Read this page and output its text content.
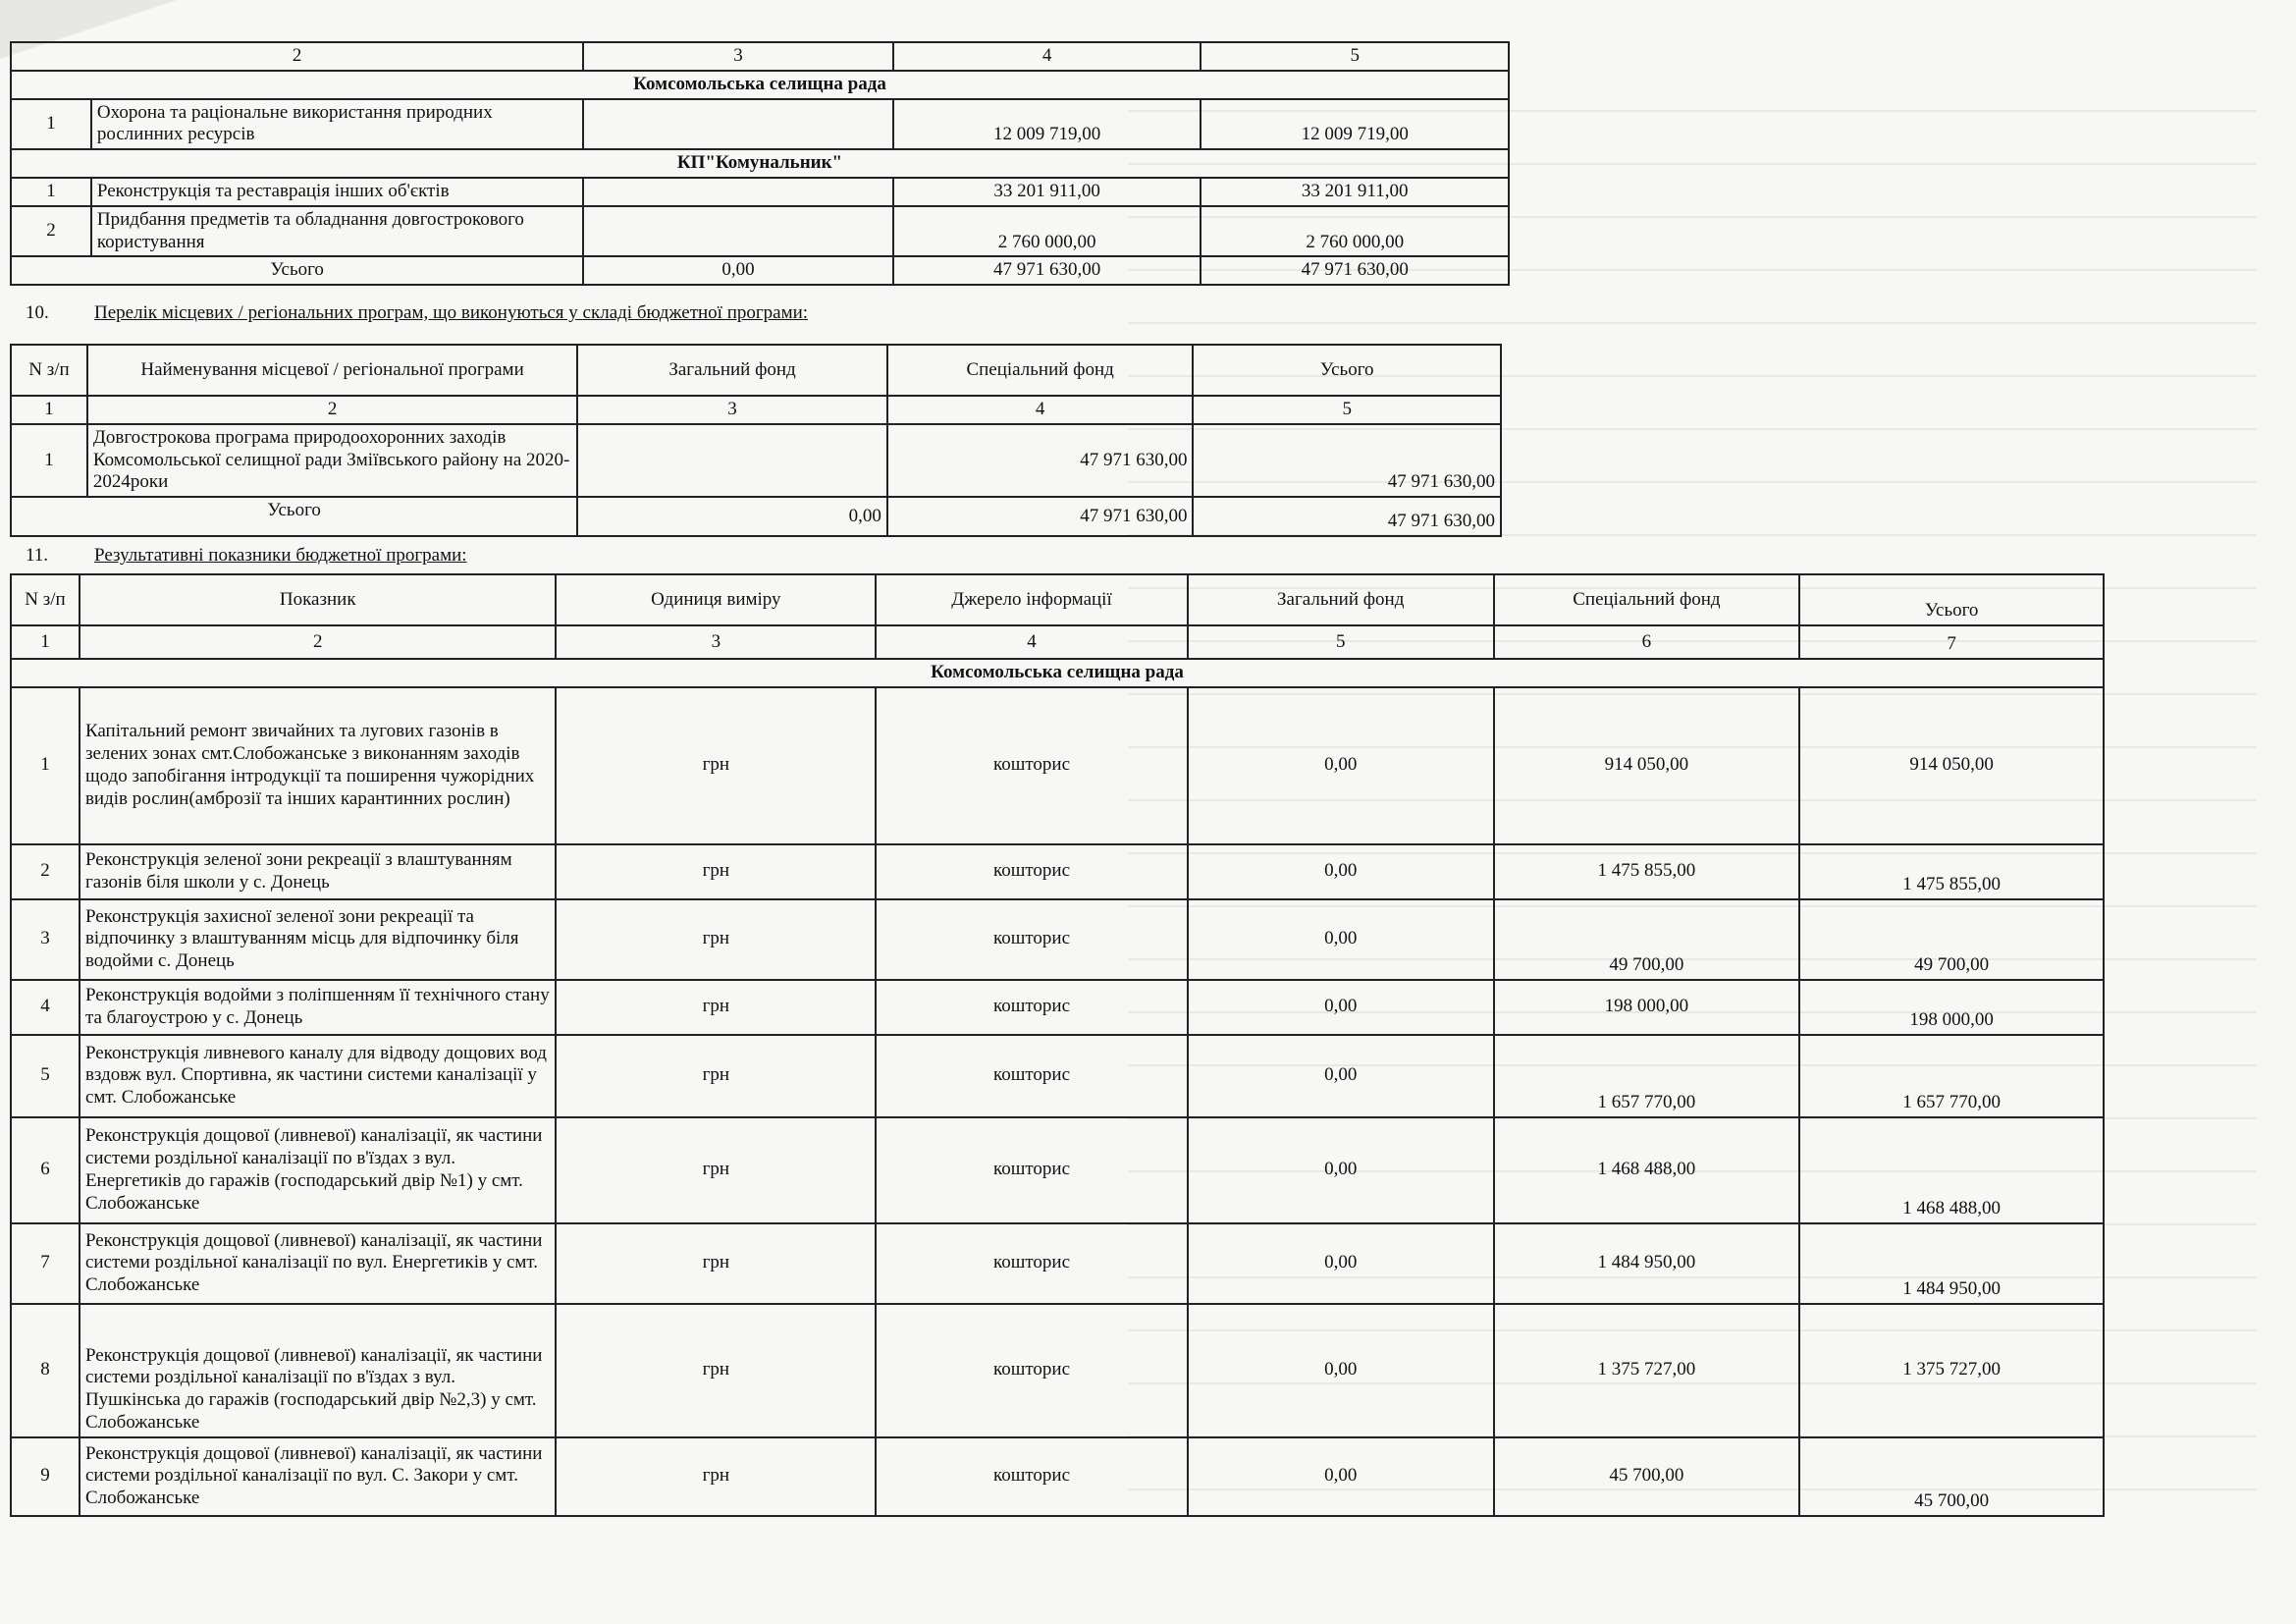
2		3	4	5
Комсомольська селищна рада				
1	Охорона та раціональне використання природних рослинних ресурсів		12 009 719,00	12 009 719,00
КП"Комунальник"				
1	Реконструкція та реставрація інших об'єктів		33 201 911,00	33 201 911,00
2	Придбання предметів та обладнання довгострокового користування		2 760 000,00	2 760 000,00
Усього		0,00	47 971 630,00	47 971 630,00
10. Перелік місцевих / регіональних програм, що виконуються у складі бюджетної програми:
N з/п	Найменування місцевої / регіональної програми	Загальний фонд	Спеціальний фонд	Усього
1	2	3	4	5
1	Довгострокова програма природоохоронних заходів Комсомольської селищної ради Зміївського району на 2020-2024роки		47 971 630,00	47 971 630,00
Усього		0,00	47 971 630,00	47 971 630,00
11. Результативні показники бюджетної програми:
N з/п	Показник	Одиниця виміру	Джерело інформації	Загальний фонд	Спеціальний фонд	Усього
1	2	3	4	5	6	7
Комсомольська селищна рада						
1	Капітальний ремонт звичайних та лугових газонів в зелених зонах смт.Слобожанське з виконанням заходів щодо запобігання інтродукції та поширення чужорідних видів рослин(амброзії та інших карантинних рослин)	грн	кошторис	0,00	914 050,00	914 050,00
2	Реконструкція зеленої зони рекреації з влаштуванням газонів біля школи у с. Донець	грн	кошторис	0,00	1 475 855,00	1 475 855,00
3	Реконструкція захисної зеленої зони рекреації та відпочинку з влаштуванням місць для відпочинку біля водойми с. Донець	грн	кошторис	0,00	49 700,00	49 700,00
4	Реконструкція водойми з поліпшенням її технічного стану та благоустрою у с. Донець	грн	кошторис	0,00	198 000,00	198 000,00
5	Реконструкція ливневого каналу для відводу дощових вод вздовж вул. Спортивна, як частини системи каналізації у смт. Слобожанське	грн	кошторис	0,00	1 657 770,00	1 657 770,00
6	Реконструкція дощової (ливневої) каналізації, як частини системи роздільної каналізації по в'їздах з вул. Енергетиків до гаражів (господарський двір №1) у смт. Слобожанське	грн	кошторис	0,00	1 468 488,00	1 468 488,00
7	Реконструкція дощової (ливневої) каналізації, як частини системи роздільної каналізації по вул. Енергетиків у смт. Слобожанське	грн	кошторис	0,00	1 484 950,00	1 484 950,00
8	Реконструкція дощової (ливневої) каналізації, як частини системи роздільної каналізації по в'їздах з вул. Пушкінська до гаражів (господарський двір №2,3) у смт. Слобожанське	грн	кошторис	0,00	1 375 727,00	1 375 727,00
9	Реконструкція дощової (ливневої) каналізації, як частини системи роздільної каналізації по вул. С. Закори у смт. Слобожанське	грн	кошторис	0,00	45 700,00	45 700,00
